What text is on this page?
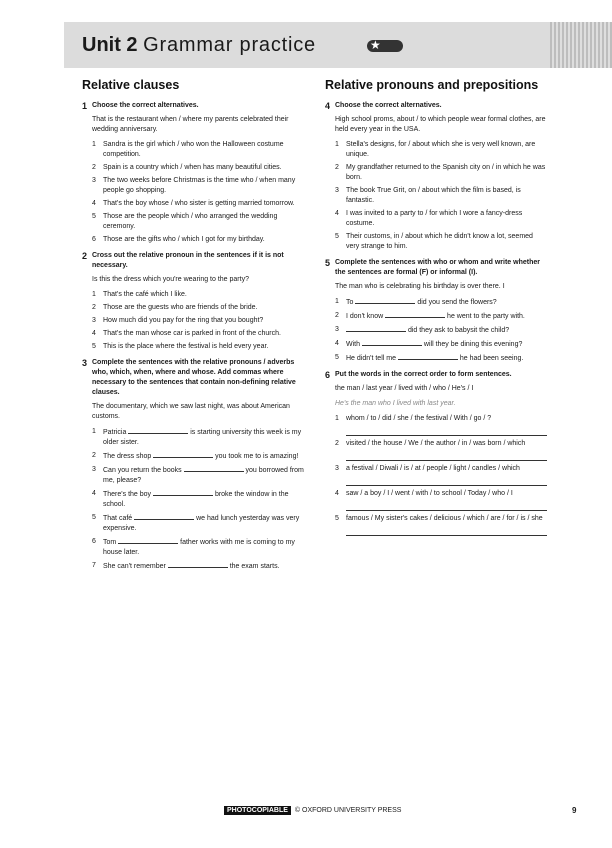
Unit 2 Grammar practice	★
Relative clauses
1 Choose the correct alternatives.
That is the restaurant when / where my parents celebrated their wedding anniversary.
1 Sandra is the girl which / who won the Halloween costume competition.
2 Spain is a country which / when has many beautiful cities.
3 The two weeks before Christmas is the time who / when many people go shopping.
4 That's the boy whose / who sister is getting married tomorrow.
5 Those are the people which / who arranged the wedding ceremony.
6 Those are the gifts who / which I got for my birthday.
2 Cross out the relative pronoun in the sentences if it is not necessary.
Is this the dress which you're wearing to the party?
1 That's the café which I like.
2 Those are the guests who are friends of the bride.
3 How much did you pay for the ring that you bought?
4 That's the man whose car is parked in front of the church.
5 This is the place where the festival is held every year.
3 Complete the sentences with the relative pronouns / adverbs who, which, when, where and whose. Add commas where necessary to the sentences that contain non-defining relative clauses.
The documentary, which we saw last night, was about American customs.
1 Patricia	is starting university this week is my older sister.
2 The dress shop	you took me to is amazing!
3 Can you return the books	you borrowed from me, please?
4 There's the boy	broke the window in the school.
5 That café	we had lunch yesterday was very expensive.
6 Tom	father works with me is coming to my house later.
7 She can't remember	the exam starts.
Relative pronouns and prepositions
4 Choose the correct alternatives.
High school proms, about / to which people wear formal clothes, are held every year in the USA.
1 Stella's designs, for / about which she is very well known, are unique.
2 My grandfather returned to the Spanish city on / in which he was born.
3 The book True Grit, on / about which the film is based, is fantastic.
4 I was invited to a party to / for which I wore a fancy-dress costume.
5 Their customs, in / about which he didn't know a lot, seemed very strange to him.
5 Complete the sentences with who or whom and write whether the sentences are formal (F) or informal (I).
The man who is celebrating his birthday is over there. I
1 To	did you send the flowers?
2 I don't know	he went to the party with.
3	did they ask to babysit the child?
4 With	will they be dining this evening?
5 He didn't tell me	he had been seeing.
6 Put the words in the correct order to form sentences.
the man / last year / lived with / who / He's / I
He's the man who I lived with last year.
1 whom / to / did / she / the festival / With / go / ?
2 visited / the house / We / the author / in / was born / which
3 a festival / Diwali / is / at / people / light / candles / which
4 saw / a boy / I / went / with / to school / Today / who / I
5 famous / My sister's cakes / delicious / which / are / for / is / she
PHOTOCOPIABLE © OXFORD UNIVERSITY PRESS	9
